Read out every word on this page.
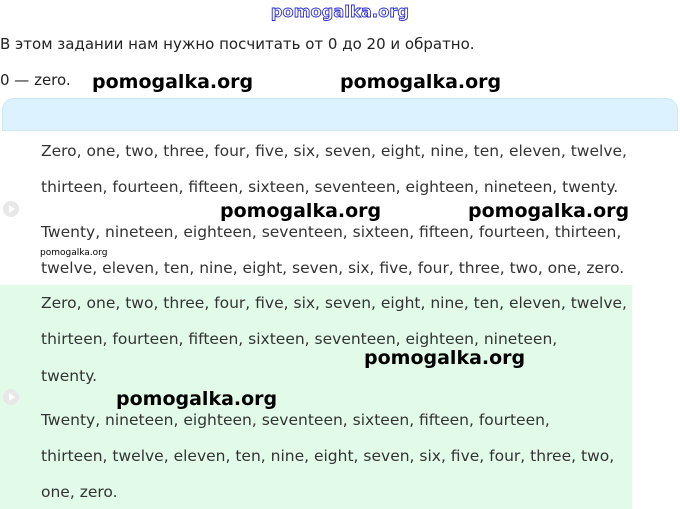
pomogalka.org
В этом задании нам нужно посчитать от 0 до 20 и обратно.
0 — zero.
Zero, one, two, three, four, five, six, seven, eight, nine, ten, eleven, twelve,
thirteen, fourteen, fifteen, sixteen, seventeen, eighteen, nineteen, twenty.
Twenty, nineteen, eighteen, seventeen, sixteen, fifteen, fourteen, thirteen,
twelve, eleven, ten, nine, eight, seven, six, five, four, three, two, one, zero.
Zero, one, two, three, four, five, six, seven, eight, nine, ten, eleven, twelve,
thirteen, fourteen, fifteen, sixteen, seventeen, eighteen, nineteen,
twenty.
Twenty, nineteen, eighteen, seventeen, sixteen, fifteen, fourteen,
thirteen, twelve, eleven, ten, nine, eight, seven, six, five, four, three, two,
one, zero.
pomogalka.org	pomogalka.org
pomogalka.org	pomogalka.org
pomogalka.org
pomogalka.org
pomogalka.org
